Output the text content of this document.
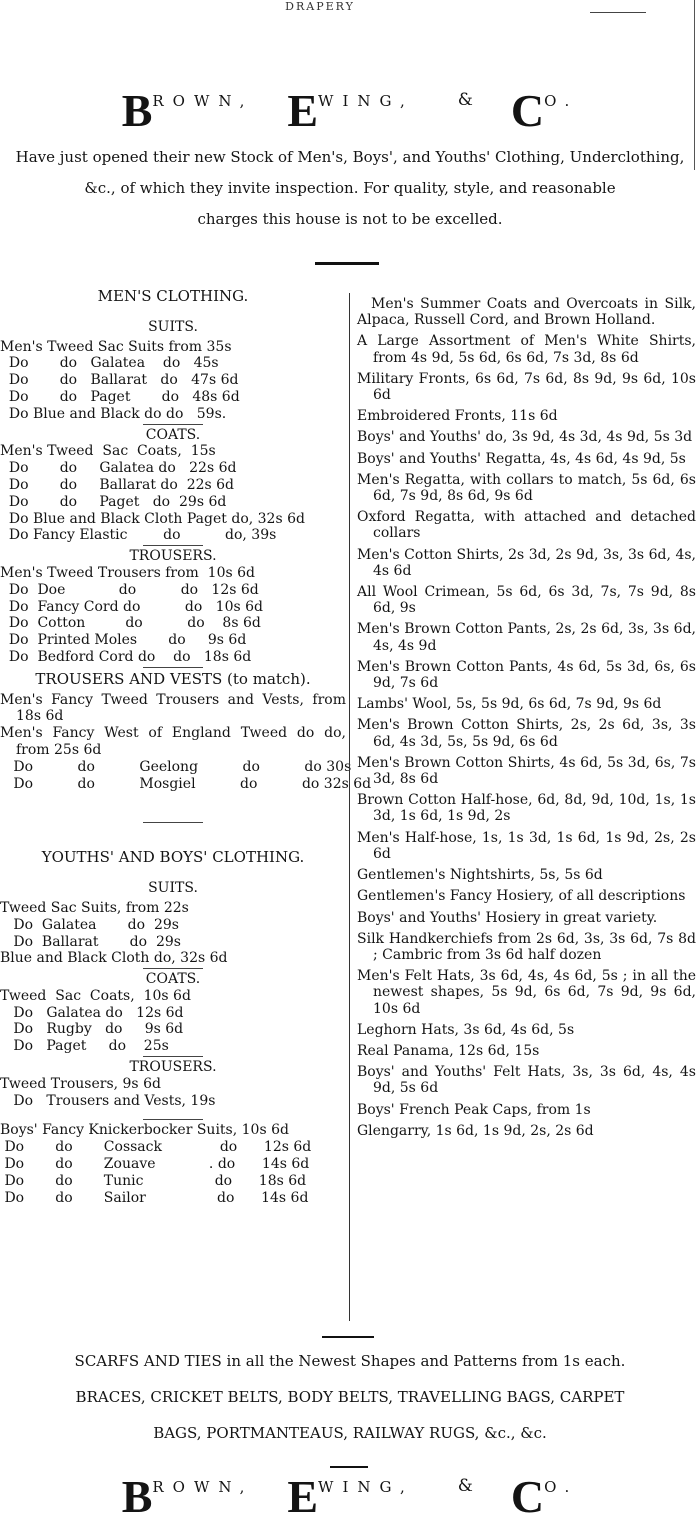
DRAPERY
BROWN, EWING,	& CO.
Have just opened their new Stock of Men's, Boys', and Youths' Clothing, Underclothing,
&c., of which they invite inspection. For quality, style, and reasonable
charges this house is not to be excelled.
MEN'S CLOTHING.
SUITS.
Men's Tweed Sac Suits from 35s
Do       do   Galatea    do   45s
Do       do   Ballarat   do   47s 6d
Do       do   Paget       do   48s 6d
Do Blue and Black do do   59s.
COATS.
Men's Tweed  Sac  Coats,  15s
Do       do     Galatea do   22s 6d
Do       do     Ballarat do  22s 6d
Do       do     Paget   do  29s 6d
Do Blue and Black Cloth Paget do, 32s 6d
Do Fancy Elastic        do          do, 39s
TROUSERS.
Men's Tweed Trousers from  10s 6d
Do  Doe            do          do   12s 6d
Do  Fancy Cord do          do   10s 6d
Do  Cotton         do          do    8s 6d
Do  Printed Moles       do     9s 6d
Do  Bedford Cord do    do   18s 6d
TROUSERS AND VESTS (to match).
Men's Fancy Tweed Trousers and Vests, from 18s 6d
Men's Fancy West of England Tweed do do, from 25s 6d
Do          do          Geelong          do          do 30s
Do          do          Mosgiel          do          do 32s 6d
YOUTHS' AND BOYS' CLOTHING.
SUITS.
Tweed Sac Suits, from 22s
Do  Galatea       do  29s
Do  Ballarat       do  29s
Blue and Black Cloth do, 32s 6d
COATS.
Tweed  Sac  Coats,  10s 6d
Do   Galatea do   12s 6d
Do   Rugby   do     9s 6d
Do   Paget     do    25s
TROUSERS.
Tweed Trousers, 9s 6d
Do   Trousers and Vests, 19s
Boys' Fancy Knickerbocker Suits, 10s 6d
Do       do       Cossack             do      12s 6d
Do       do       Zouave            . do      14s 6d
Do       do       Tunic                do      18s 6d
Do       do       Sailor                do      14s 6d
Men's Summer Coats and Overcoats in Silk, Alpaca, Russell Cord, and Brown Holland.
A Large Assortment of Men's White Shirts, from 4s 9d, 5s 6d, 6s 6d, 7s 3d, 8s 6d
Military Fronts, 6s 6d, 7s 6d, 8s 9d, 9s 6d, 10s 6d
Embroidered Fronts, 11s 6d
Boys' and Youths' do, 3s 9d, 4s 3d, 4s 9d, 5s 3d
Boys' and Youths' Regatta, 4s, 4s 6d, 4s 9d, 5s
Men's Regatta, with collars to match, 5s 6d, 6s 6d, 7s 9d, 8s 6d, 9s 6d
Oxford Regatta, with attached and detached collars
Men's Cotton Shirts, 2s 3d, 2s 9d, 3s, 3s 6d, 4s, 4s 6d
All Wool Crimean, 5s 6d, 6s 3d, 7s, 7s 9d, 8s 6d, 9s
Men's Brown Cotton Pants, 2s, 2s 6d, 3s, 3s 6d, 4s, 4s 9d
Men's Brown Cotton Pants, 4s 6d, 5s 3d, 6s, 6s 9d, 7s 6d
Lambs' Wool, 5s, 5s 9d, 6s 6d, 7s 9d, 9s 6d
Men's Brown Cotton Shirts, 2s, 2s 6d, 3s, 3s 6d, 4s 3d, 5s, 5s 9d, 6s 6d
Men's Brown Cotton Shirts, 4s 6d, 5s 3d, 6s, 7s 3d, 8s 6d
Brown Cotton Half-hose, 6d, 8d, 9d, 10d, 1s, 1s 3d, 1s 6d, 1s 9d, 2s
Men's Half-hose, 1s, 1s 3d, 1s 6d, 1s 9d, 2s, 2s 6d
Gentlemen's Nightshirts, 5s, 5s 6d
Gentlemen's Fancy Hosiery, of all descriptions
Boys' and Youths' Hosiery in great variety.
Silk Handkerchiefs from 2s 6d, 3s, 3s 6d, 7s 8d ; Cambric from 3s 6d half dozen
Men's Felt Hats, 3s 6d, 4s, 4s 6d, 5s ; in all the newest shapes, 5s 9d, 6s 6d, 7s 9d, 9s 6d, 10s 6d
Leghorn Hats, 3s 6d, 4s 6d, 5s
Real Panama, 12s 6d, 15s
Boys' and Youths' Felt Hats, 3s, 3s 6d, 4s, 4s 9d, 5s 6d
Boys' French Peak Caps, from 1s
Glengarry, 1s 6d, 1s 9d, 2s, 2s 6d
SCARFS AND TIES in all the Newest Shapes and Patterns from 1s each.
BRACES, CRICKET BELTS, BODY BELTS, TRAVELLING BAGS, CARPET
BAGS, PORTMANTEAUS, RAILWAY RUGS, &c., &c.
BROWN, EWING,	& CO.
